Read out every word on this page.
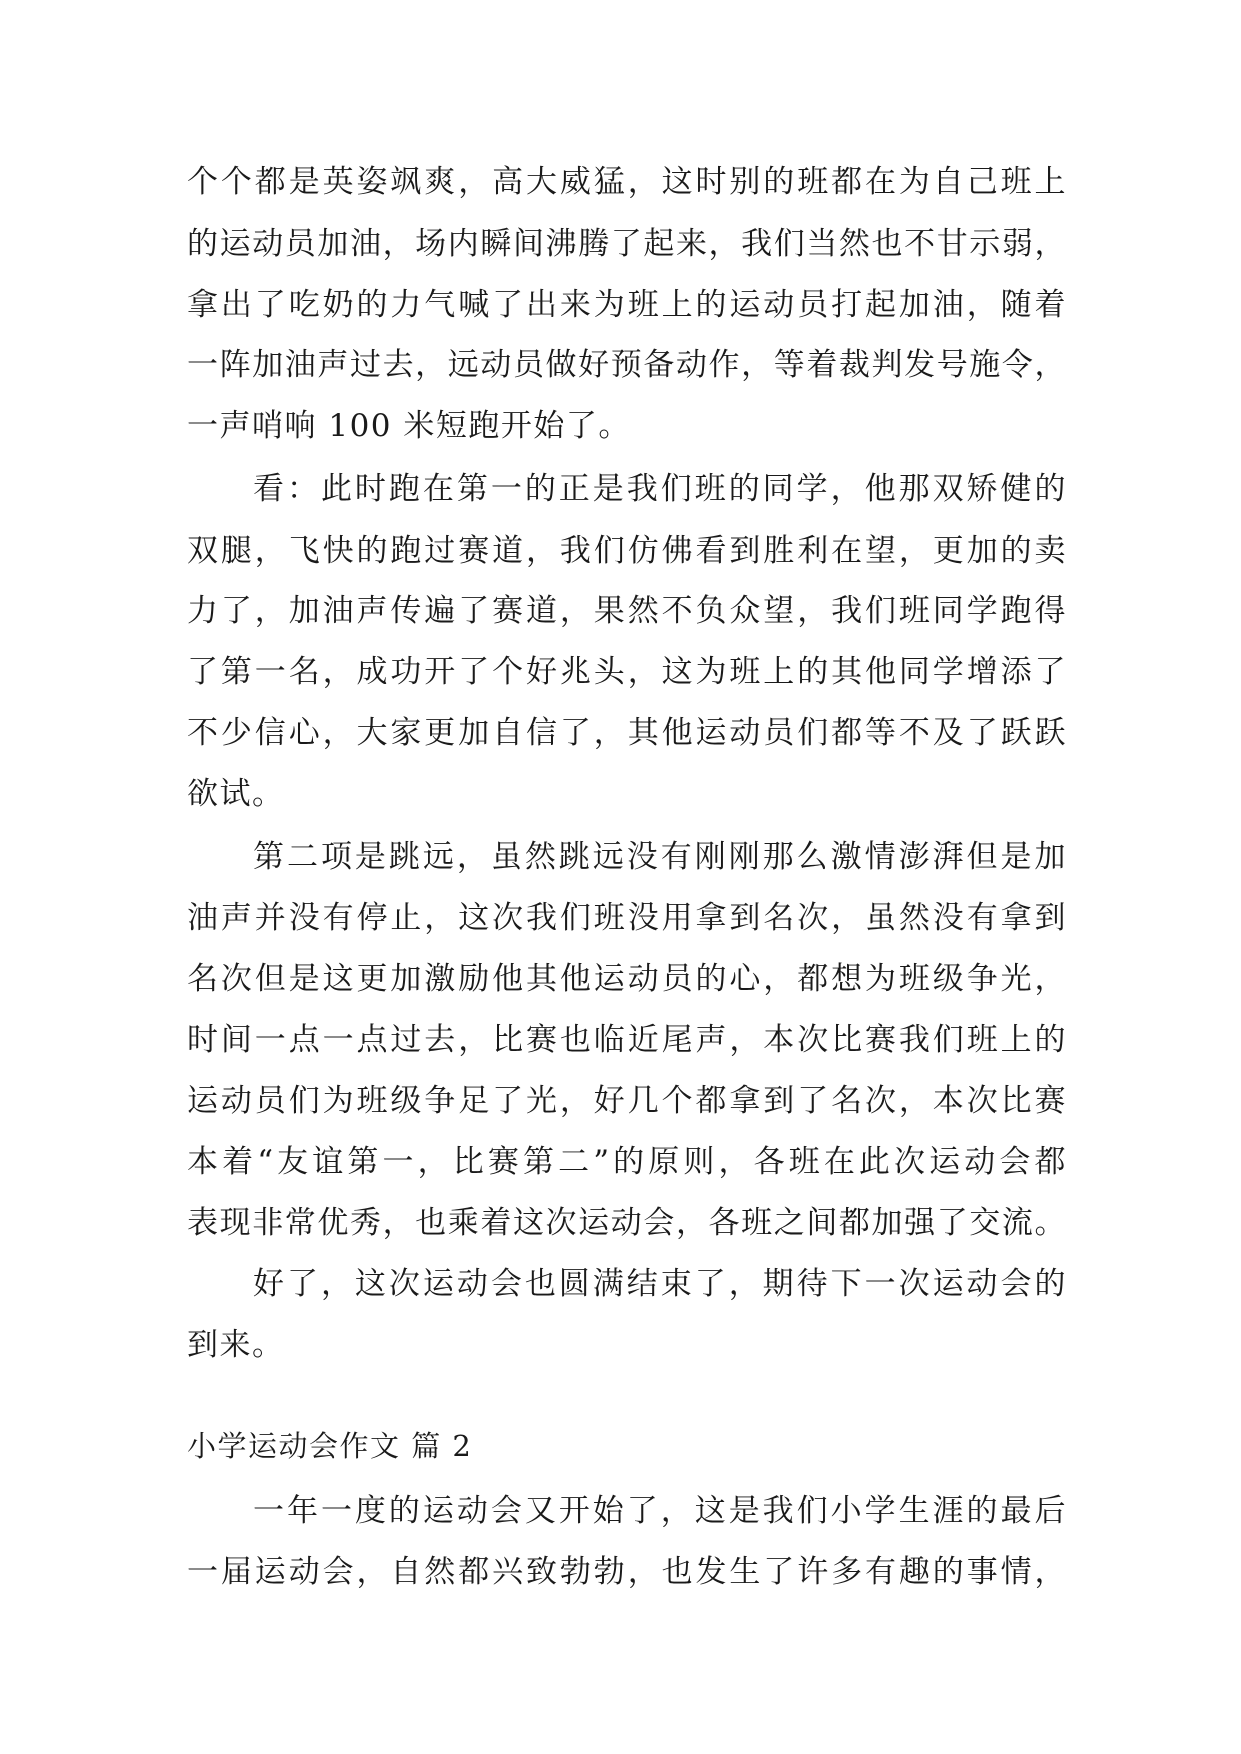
个个都是英姿飒爽，高大威猛，这时别的班都在为自己班上
的运动员加油，场内瞬间沸腾了起来，我们当然也不甘示弱，
拿出了吃奶的力气喊了出来为班上的运动员打起加油，随着
一阵加油声过去，远动员做好预备动作，等着裁判发号施令，
一声哨响 100 米短跑开始了。
看：此时跑在第一的正是我们班的同学，他那双矫健的
双腿，飞快的跑过赛道，我们仿佛看到胜利在望，更加的卖
力了，加油声传遍了赛道，果然不负众望，我们班同学跑得
了第一名，成功开了个好兆头，这为班上的其他同学增添了
不少信心，大家更加自信了，其他运动员们都等不及了跃跃
欲试。
第二项是跳远，虽然跳远没有刚刚那么激情澎湃但是加
油声并没有停止，这次我们班没用拿到名次，虽然没有拿到
名次但是这更加激励他其他运动员的心，都想为班级争光，
时间一点一点过去，比赛也临近尾声，本次比赛我们班上的
运动员们为班级争足了光，好几个都拿到了名次，本次比赛
本着“友谊第一，比赛第二”的原则，各班在此次运动会都
表现非常优秀，也乘着这次运动会，各班之间都加强了交流。
好了，这次运动会也圆满结束了，期待下一次运动会的
到来。
小学运动会作文 篇 2
一年一度的运动会又开始了，这是我们小学生涯的最后
一届运动会，自然都兴致勃勃，也发生了许多有趣的事情，
